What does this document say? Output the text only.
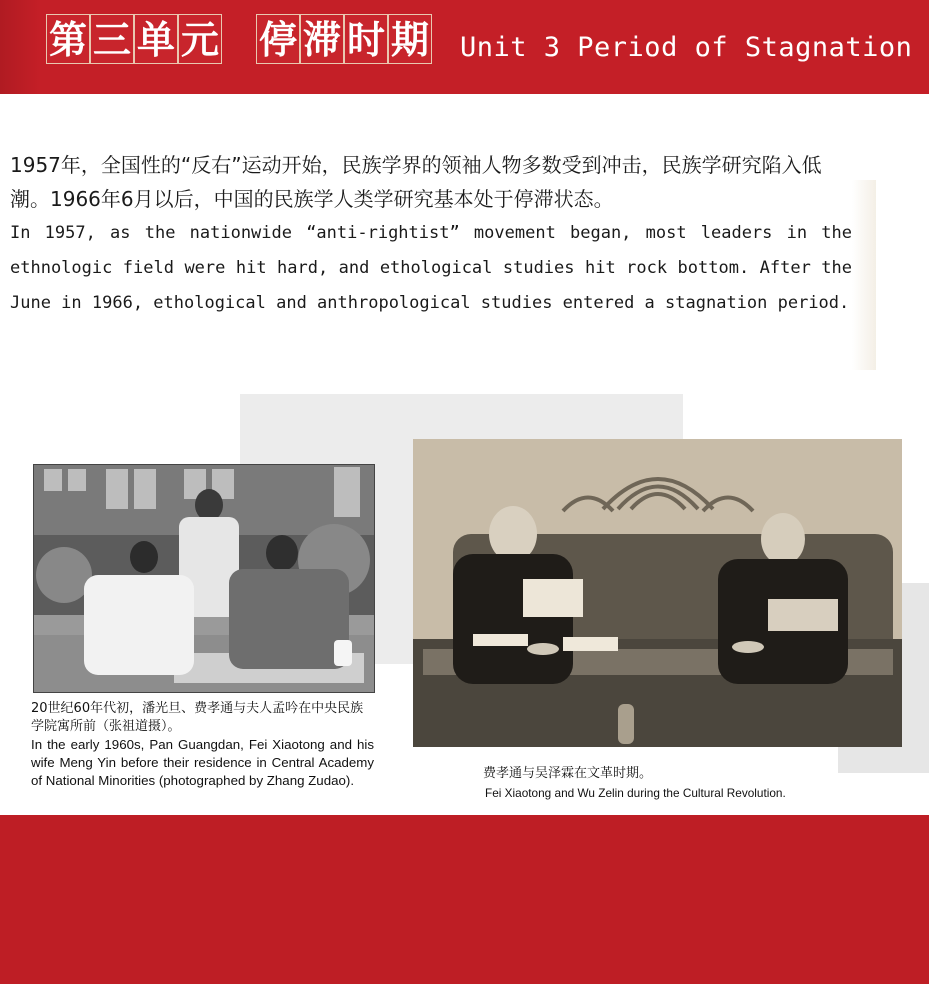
第 三 单 元 停 滞 时 期 Unit 3 Period of Stagnation

1957年，全国性的“反右”运动开始，民族学界的领袖人物多数受到冲击，民族学研究陷入低潮。1966年6月以后，中国的民族学人类学研究基本处于停滞状态。

In 1957, as the nationwide “anti-rightist” movement began, most leaders in the ethnologic field were hit hard, and ethological studies hit rock bottom. After the June in 1966, ethological and anthropological studies entered a stagnation period.

20世纪60年代初，潘光旦、费孝通与夫人孟吟在中央民族学院寓所前（张祖道摄）。

In the early 1960s, Pan Guangdan, Fei Xiaotong and his wife Meng Yin before their residence in Central Academy of National Minorities (photographed by Zhang Zudao).	费孝通与吴泽霖在文革时期。

Fei Xiaotong and Wu Zelin during the Cultural Revolution.
